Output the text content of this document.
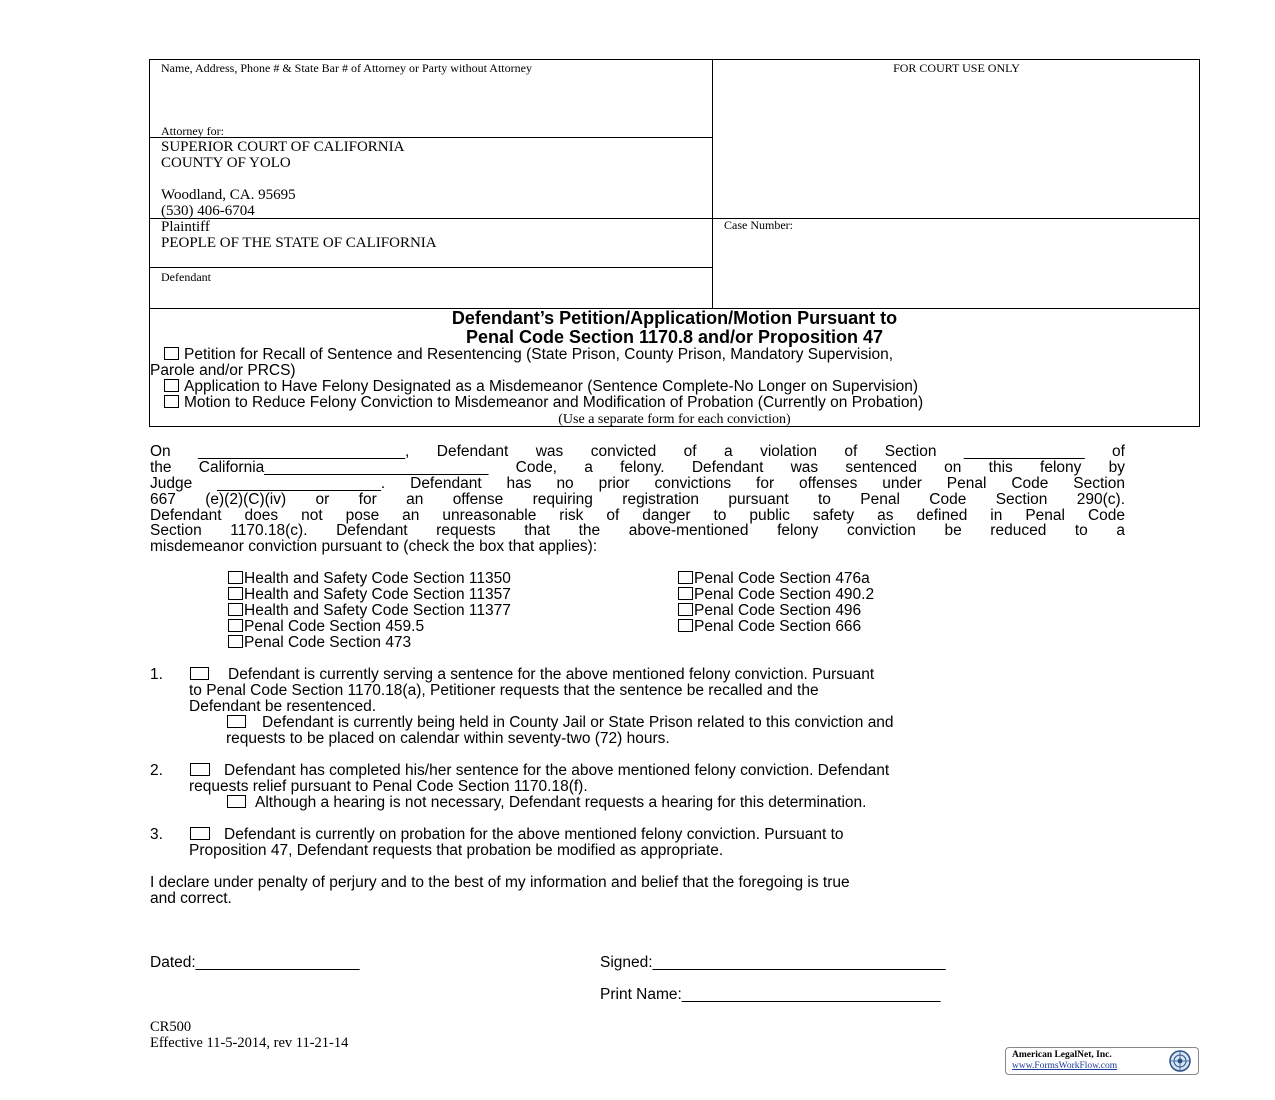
Name, Address, Phone # & State Bar # of Attorney or Party without Attorney
Attorney for:
FOR COURT USE ONLY
SUPERIOR COURT OF CALIFORNIA
COUNTY OF YOLO
Woodland, CA. 95695
(530) 406-6704
Plaintiff
PEOPLE OF THE STATE OF CALIFORNIA
Defendant
Case Number:
Defendant’s Petition/Application/Motion Pursuant to
Penal Code Section 1170.8 and/or Proposition 47
Petition for Recall of Sentence and Resentencing (State Prison, County Prison, Mandatory Supervision,
Parole and/or PRCS)
Application to Have Felony Designated as a Misdemeanor (Sentence Complete-No Longer on Supervision)
Motion to Reduce Felony Conviction to Misdemeanor and Modification of Probation (Currently on Probation)
(Use a separate form for each conviction)
On ________________________, Defendant was convicted of a violation of Section ______________ of
the California__________________________ Code, a felony. Defendant was sentenced on this felony by
Judge ___________________. Defendant has no prior convictions for offenses under Penal Code Section
667 (e)(2)(C)(iv) or for an offense requiring registration pursuant to Penal Code Section 290(c).
Defendant does not pose an unreasonable risk of danger to public safety as defined in Penal Code
Section 1170.18(c). Defendant requests that the above-mentioned felony conviction be reduced to a
misdemeanor conviction pursuant to (check the box that applies):
Health and Safety Code Section 11350
Health and Safety Code Section 11357
Health and Safety Code Section 11377
Penal Code Section 459.5
Penal Code Section 473
Penal Code Section 476a
Penal Code Section 490.2
Penal Code Section 496
Penal Code Section 666
1.	Defendant is currently serving a sentence for the above mentioned felony conviction. Pursuant
to Penal Code Section 1170.18(a), Petitioner requests that the sentence be recalled and the
Defendant be resentenced.
Defendant is currently being held in County Jail or State Prison related to this conviction and
requests to be placed on calendar within seventy-two (72) hours.
2.	Defendant has completed his/her sentence for the above mentioned felony conviction. Defendant
requests relief pursuant to Penal Code Section 1170.18(f).
Although a hearing is not necessary, Defendant requests a hearing for this determination.
3.	Defendant is currently on probation for the above mentioned felony conviction. Pursuant to
Proposition 47, Defendant requests that probation be modified as appropriate.
I declare under penalty of perjury and to the best of my information and belief that the foregoing is true
and correct.
Dated:___________________	Signed:__________________________________
Print Name:______________________________
CR500
Effective 11-5-2014, rev 11-21-14
American LegalNet, Inc.
www.FormsWorkFlow.com
